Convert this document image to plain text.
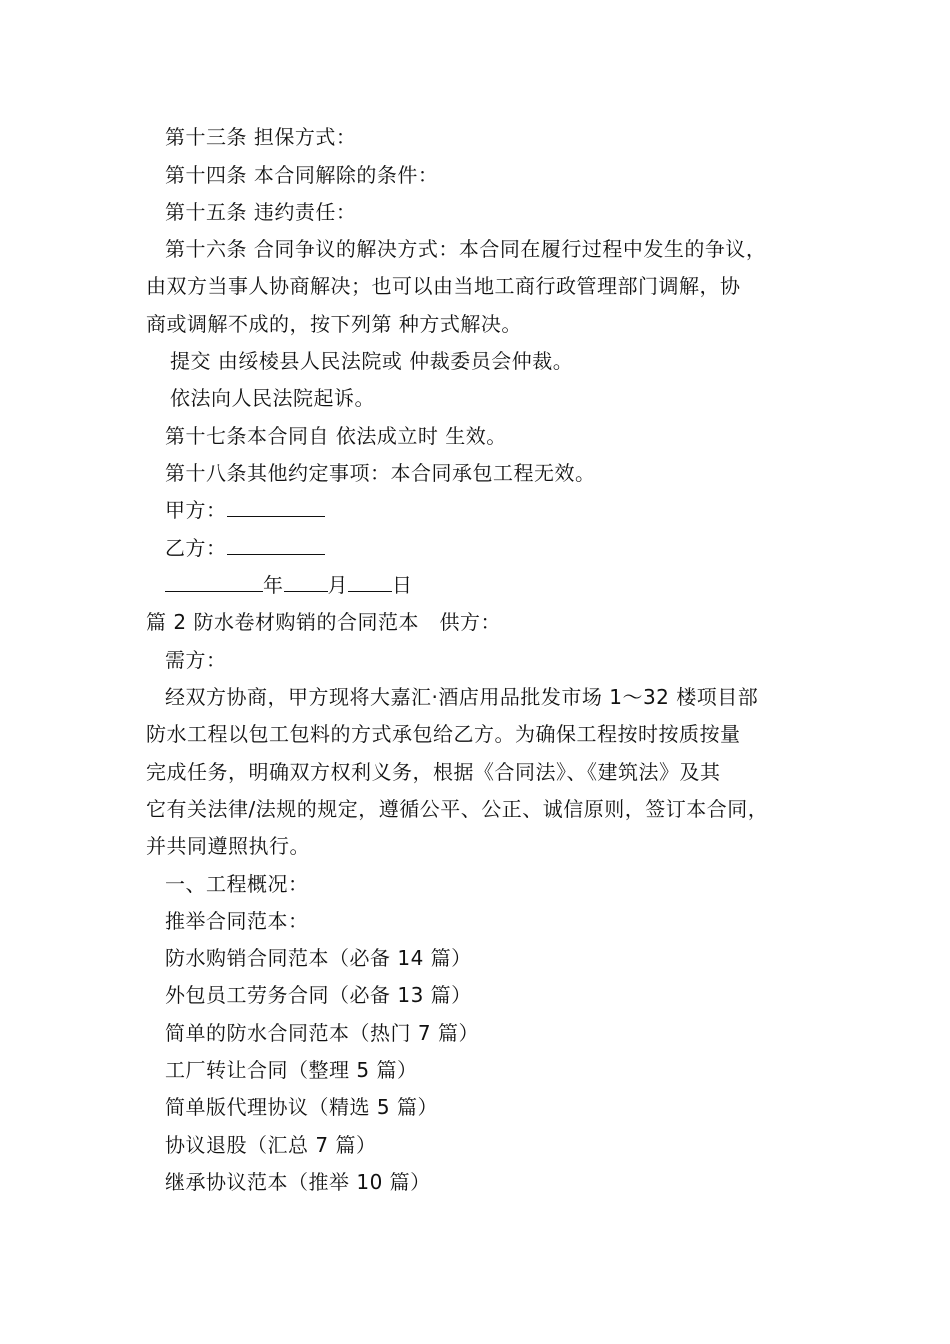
第十三条 担保方式：
第十四条 本合同解除的条件：
第十五条 违约责任：
第十六条 合同争议的解决方式：本合同在履行过程中发生的争议，
由双方当事人协商解决；也可以由当地工商行政管理部门调解，协
商或调解不成的，按下列第 种方式解决。
提交 由绥棱县人民法院或 仲裁委员会仲裁。
依法向人民法院起诉。
第十七条本合同自 依法成立时 生效。
第十八条其他约定事项：本合同承包工程无效。
甲方：
乙方：
年 月 日
篇 2 防水卷材购销的合同范本　供方：
需方：
经双方协商，甲方现将大嘉汇·酒店用品批发市场 1～32 楼项目部
防水工程以包工包料的方式承包给乙方。为确保工程按时按质按量
完成任务，明确双方权利义务，根据《合同法》、《建筑法》及其
它有关法律/法规的规定，遵循公平、公正、诚信原则，签订本合同，
并共同遵照执行。
一、工程概况：
推举合同范本：
防水购销合同范本（必备 14 篇）
外包员工劳务合同（必备 13 篇）
简单的防水合同范本（热门 7 篇）
工厂转让合同（整理 5 篇）
简单版代理协议（精选 5 篇）
协议退股（汇总 7 篇）
继承协议范本（推举 10 篇）
